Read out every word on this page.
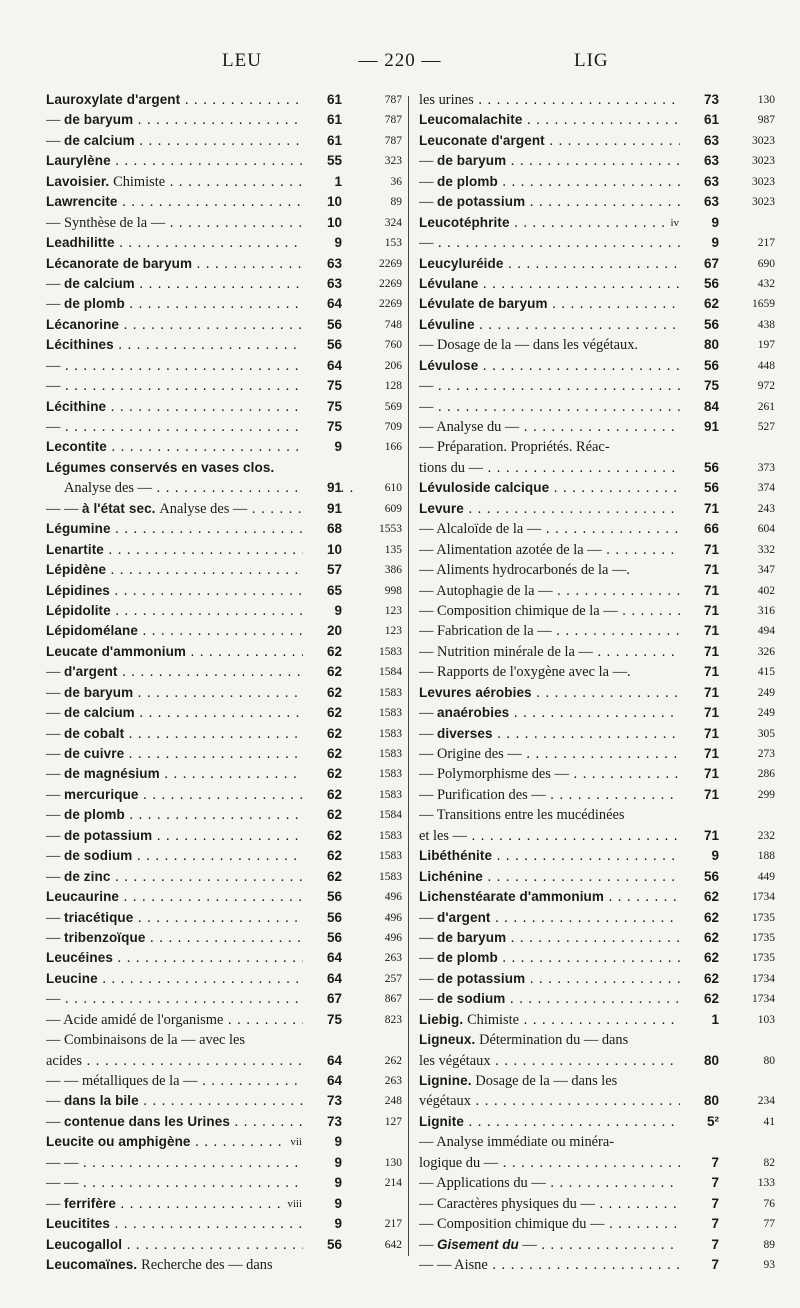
LEU	— 220 —	LIG
Lauroxylate d'argent . . .	61	787
— de baryum . . .	61	787
— de calcium . . .	61	787
Laurylène . . .	55	323
Lavoisier. Chimiste . . .	1	36
Lawrencite . . .	10	89
— Synthèse de la — . . .	10	324
Leadhilitte . . .	9	153
Lécanorate de baryum . . .	63	2269
— de calcium . . .	63	2269
— de plomb . . .	64	2269
Lécanorine . . .	56	748
Lécithines . . .	56	760
— . . .	64	206
— . . .	75	128
Lécithine . . .	75	569
— . . .	75	709
Lecontite . . .	9	166
Légumes conservés en vases clos.
Analyse des — . . .	91	610
— — à l'état sec. Analyse des — . . .	91	609
Légumine . . .	68	1553
Lenartite . . .	10	135
Lépidène . . .	57	386
Lépidines . . .	65	998
Lépidolite . . .	9	123
Lépidomélane . . .	20	123
Leucate d'ammonium . . .	62	1583
— d'argent . . .	62	1584
— de baryum . . .	62	1583
— de calcium . . .	62	1583
— de cobalt . . .	62	1583
— de cuivre . . .	62	1583
— de magnésium . . .	62	1583
— mercurique . . .	62	1583
— de plomb . . .	62	1584
— de potassium . . .	62	1583
— de sodium . . .	62	1583
— de zinc . . .	62	1583
Leucaurine . . .	56	496
— triacétique . . .	56	496
— tribenzoïque . . .	56	496
Leucéines . . .	64	263
Leucine . . .	64	257
— . . .	67	867
— Acide amidé de l'organisme . . .	75	823
— Combinaisons de la — avec les
acides . . .	64	262
— — métalliques de la — . . .	64	263
— dans la bile . . .	73	248
— contenue dans les Urines . . .	73	127
Leucite ou amphigène . . .	vii	9
— — . . .	9	130
— — . . .	9	214
— ferrifère . . .	viii	9
Leucitites . . .	9	217
Leucogallol . . .	56	642
Leucomaïnes. Recherche des — dans
les urines . . .	73	130
Leucomalachite . . .	61	987
Leuconate d'argent . . .	63	3023
— de baryum . . .	63	3023
— de plomb . . .	63	3023
— de potassium . . .	63	3023
Leucotéphrite . . .	iv	9
— . . .	9	217
Leucyluréide . . .	67	690
Lévulane . . .	56	432
Lévulate de baryum . . .	62	1659
Lévuline . . .	56	438
— Dosage de la — dans les végétaux.	80	197
Lévulose . . .	56	448
— . . .	75	972
— . . .	84	261
— Analyse du — . . .	91	527
— Préparation. Propriétés. Réac-
tions du — . . .	56	373
Lévuloside calcique . . .	56	374
Levure . . .	71	243
— Alcaloïde de la — . . .	66	604
— Alimentation azotée de la — . . .	71	332
— Aliments hydrocarbonés de la —.	71	347
— Autophagie de la — . . .	71	402
— Composition chimique de la — . . .	71	316
— Fabrication de la — . . .	71	494
— Nutrition minérale de la — . . .	71	326
— Rapports de l'oxygène avec la —.	71	415
Levures aérobies . . .	71	249
— anaérobies . . .	71	249
— diverses . . .	71	305
— Origine des — . . .	71	273
— Polymorphisme des — . . .	71	286
— Purification des — . . .	71	299
— Transitions entre les mucédinées
et les — . . .	71	232
Libéthénite . . .	9	188
Lichénine . . .	56	449
Lichenstéarate d'ammonium . . .	62	1734
— d'argent . . .	62	1735
— de baryum . . .	62	1735
— de plomb . . .	62	1735
— de potassium . . .	62	1734
— de sodium . . .	62	1734
Liebig. Chimiste . . .	1	103
Ligneux. Détermination du — dans
les végétaux . . .	80	80
Lignine. Dosage de la — dans les
végétaux . . .	80	234
Lignite . . .	5²	41
— Analyse immédiate ou minéra-
logique du — . . .	7	82
— Applications du — . . .	7	133
— Caractères physiques du — . . .	7	76
— Composition chimique du — . . .	7	77
— Gisement du — . . .	7	89
— — Aisne . . .	7	93
